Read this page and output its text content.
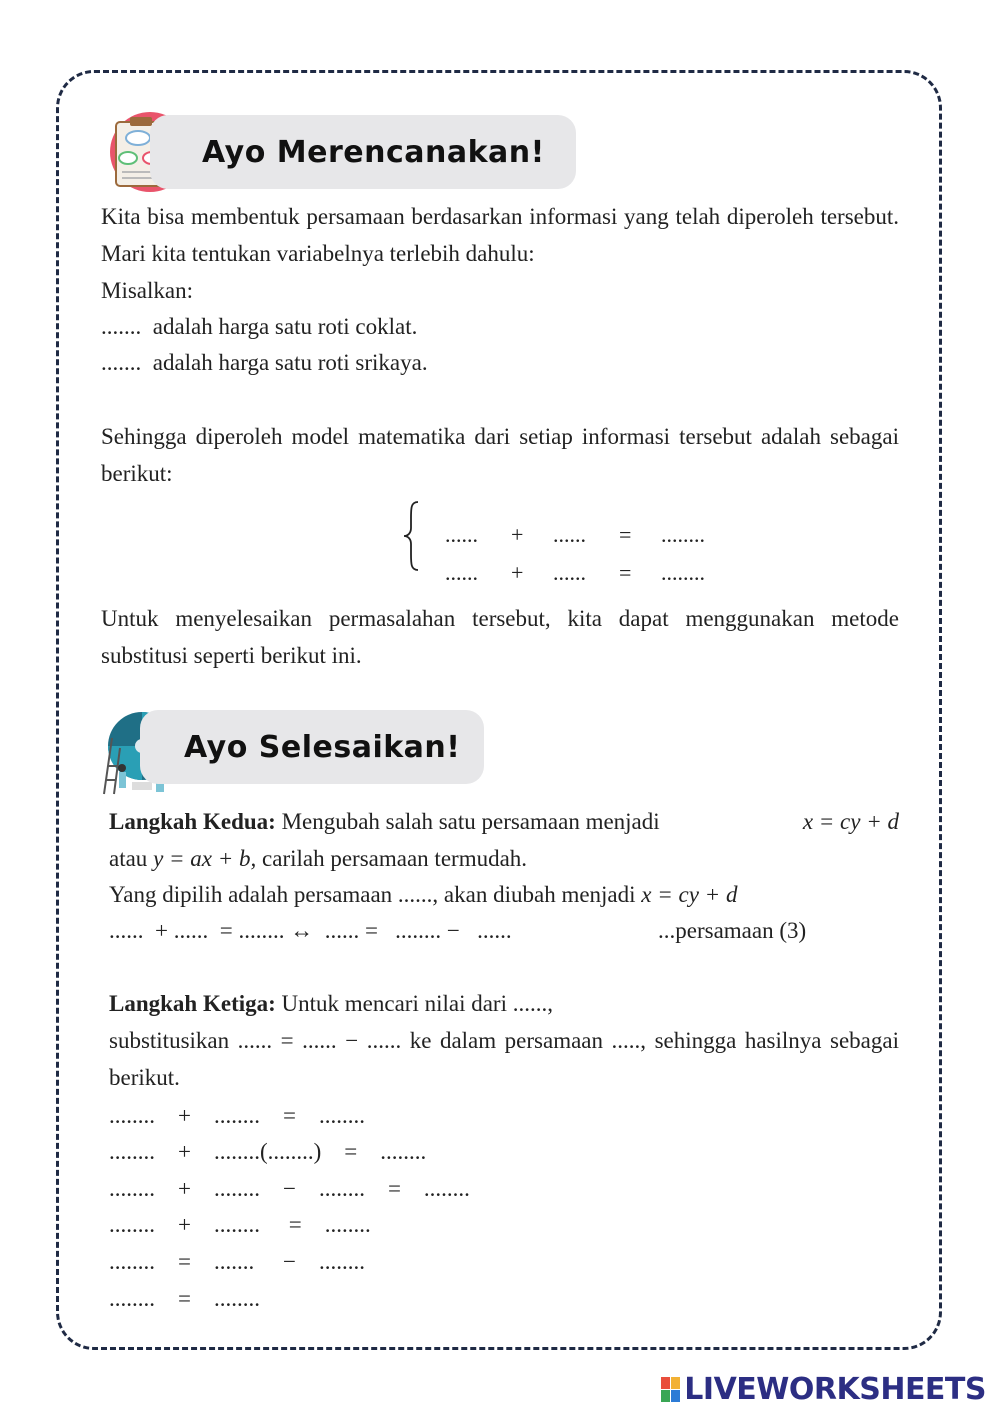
Ayo Merencanakan!
Kita bisa membentuk persamaan berdasarkan informasi yang telah diperoleh tersebut. Mari kita tentukan variabelnya terlebih dahulu:
Misalkan:
.......  adalah harga satu roti coklat.
.......  adalah harga satu roti srikaya.
Sehingga diperoleh model matematika dari setiap informasi tersebut adalah sebagai berikut:

...... + ...... = ........

...... + ...... = ........

Untuk menyelesaikan permasalahan tersebut, kita dapat menggunakan metode substitusi seperti berikut ini.
Ayo Selesaikan!
Langkah Kedua: Mengubah salah satu persamaan menjadi	x = cy + d
atau y = ax + b, carilah persamaan termudah.
Yang dipilih adalah persamaan ......, akan diubah menjadi x = cy + d
......  + ......  = ........ ↔  ...... =   ........ −   ......	...persamaan (3)
Langkah Ketiga: Untuk mencari nilai dari ......,
substitusikan ...... = ...... − ...... ke dalam persamaan ....., sehingga hasilnya sebagai berikut.
........    +    ........    =    ........
........    +    ........(........)    =    ........
........    +    ........    −    ........    =    ........
........    +    ........     =    ........
........    =    .......     −    ........
........    =    ........
LIVEWORKSHEETS
